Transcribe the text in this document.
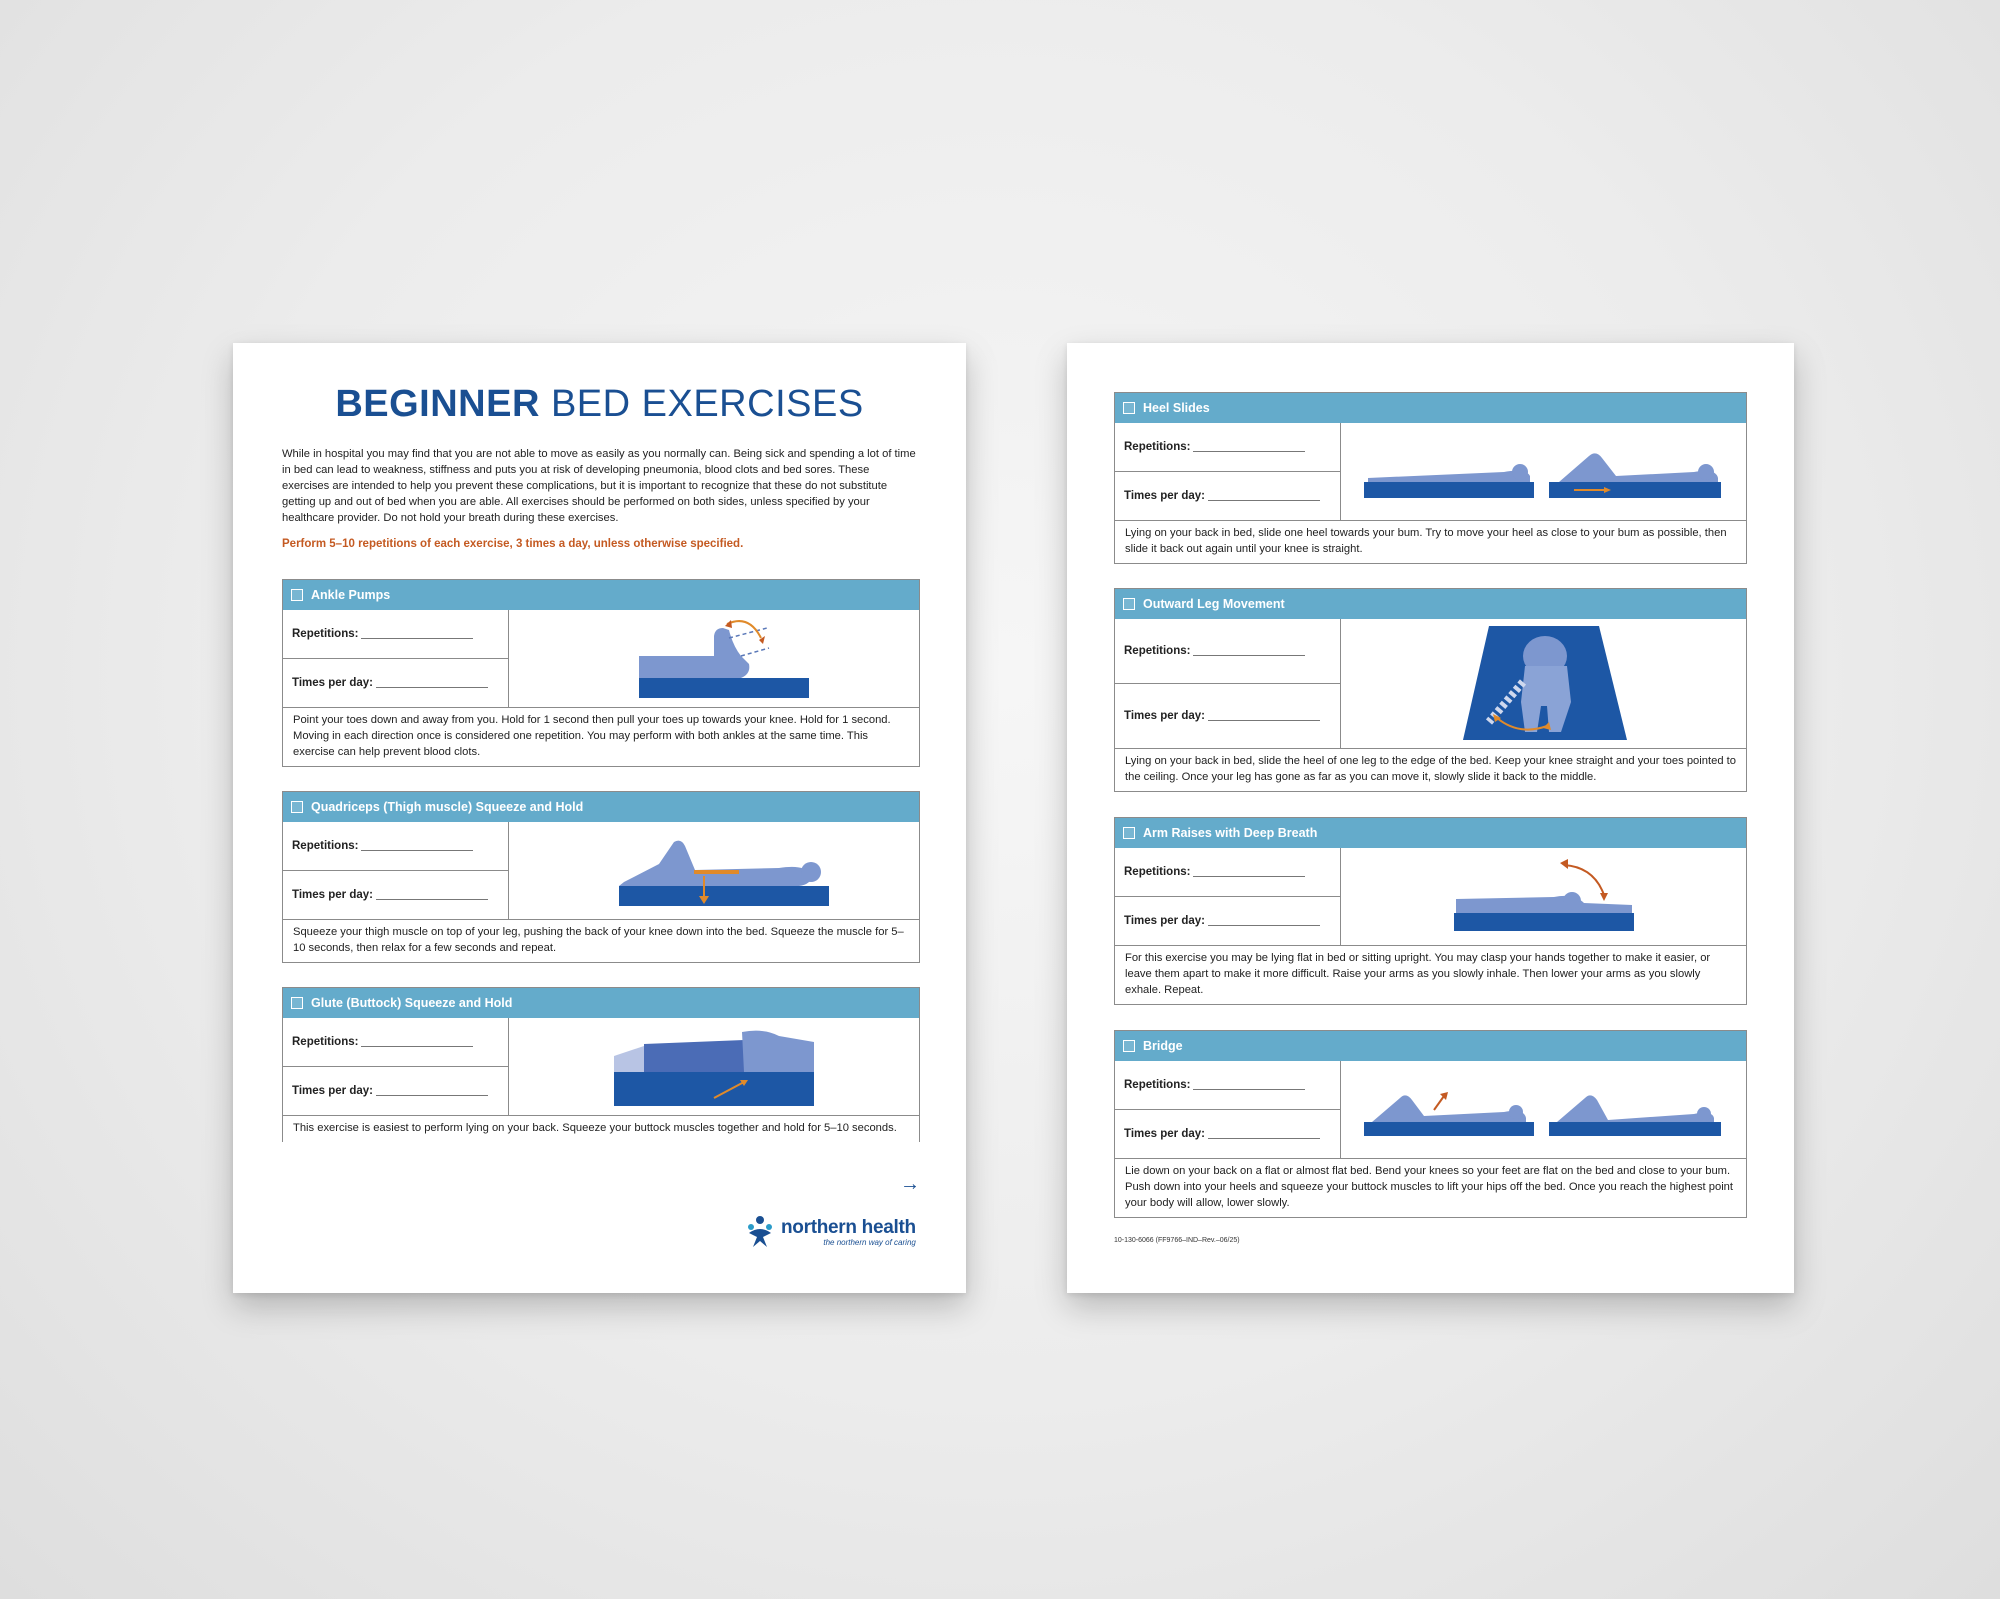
BEGINNER BED EXERCISES

While in hospital you may find that you are not able to move as easily as you normally can. Being sick and spending a lot of time in bed can lead to weakness, stiffness and puts you at risk of developing pneumonia, blood clots and bed sores. These exercises are intended to help you prevent these complications, but it is important to recognize that these do not substitute getting up and out of bed when you are able. All exercises should be performed on both sides, unless specified by your healthcare provider. Do not hold your breath during these exercises.

Perform 5–10 repetitions of each exercise, 3 times a day, unless otherwise specified.

Ankle Pumps
Repetitions:
Times per day:
Point your toes down and away from you. Hold for 1 second then pull your toes up towards your knee. Hold for 1 second. Moving in each direction once is considered one repetition. You may perform with both ankles at the same time. This exercise can help prevent blood clots.
Quadriceps (Thigh muscle) Squeeze and Hold
Repetitions:
Times per day:
Squeeze your thigh muscle on top of your leg, pushing the back of your knee down into the bed. Squeeze the muscle for 5–10 seconds, then relax for a few seconds and repeat.
Glute (Buttock) Squeeze and Hold
Repetitions:
Times per day:
This exercise is easiest to perform lying on your back. Squeeze your buttock muscles together and hold for 5–10 seconds.
→
northern health
the northern way of caring
Heel Slides
Repetitions:
Times per day:
Lying on your back in bed, slide one heel towards your bum. Try to move your heel as close to your bum as possible, then slide it back out again until your knee is straight.
Outward Leg Movement
Repetitions:
Times per day:
Lying on your back in bed, slide the heel of one leg to the edge of the bed. Keep your knee straight and your toes pointed to the ceiling. Once your leg has gone as far as you can move it, slowly slide it back to the middle.
Arm Raises with Deep Breath
Repetitions:
Times per day:
For this exercise you may be lying flat in bed or sitting upright. You may clasp your hands together to make it easier, or leave them apart to make it more difficult. Raise your arms as you slowly inhale. Then lower your arms as you slowly exhale. Repeat.
Bridge
Repetitions:
Times per day:
Lie down on your back on a flat or almost flat bed. Bend your knees so your feet are flat on the bed and close to your bum. Push down into your heels and squeeze your buttock muscles to lift your hips off the bed. Once you reach the highest point your body will allow, lower slowly.
10-130-6066 (FF9766–IND–Rev.–06/25)
